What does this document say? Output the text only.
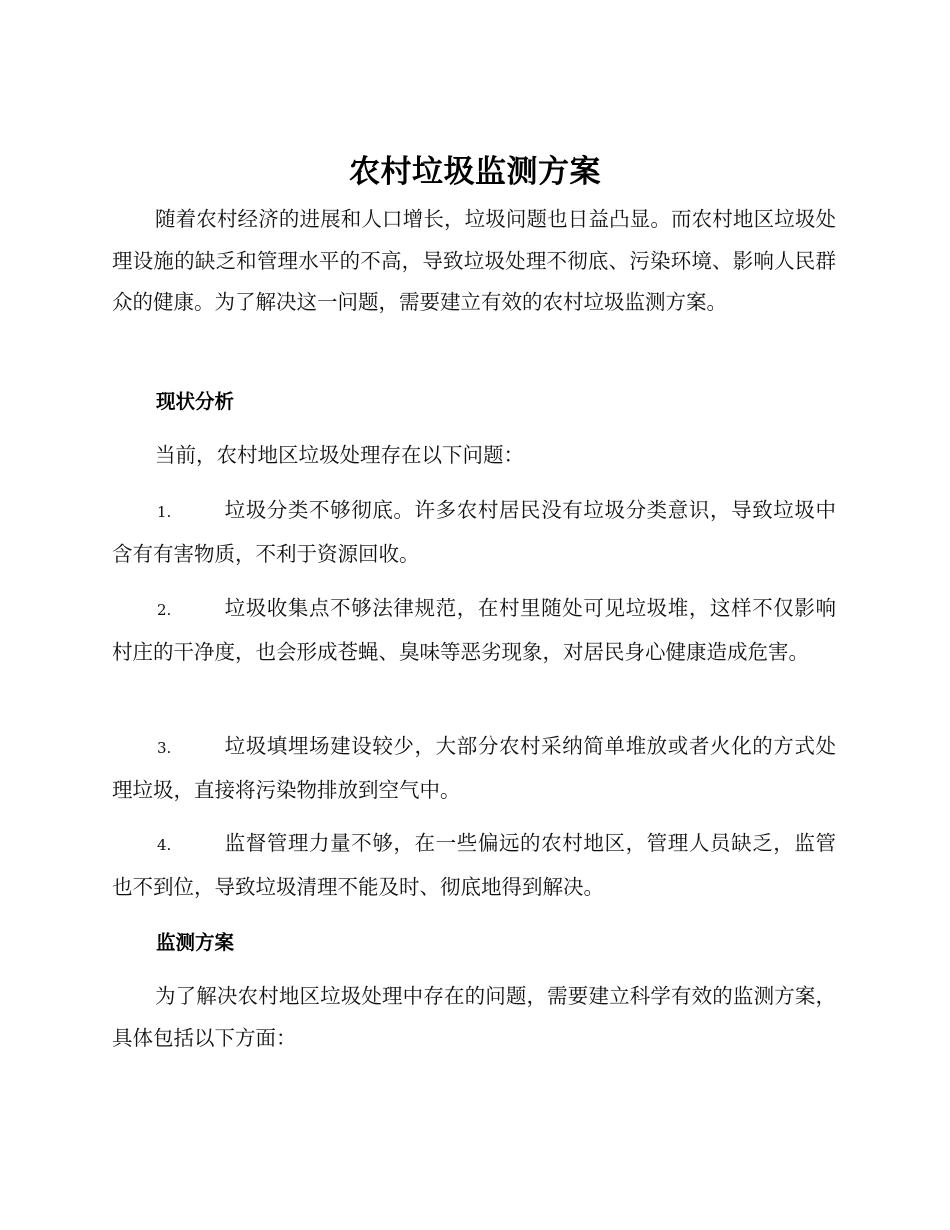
农村垃圾监测方案

随着农村经济的进展和人口增长，垃圾问题也日益凸显。而农村地区垃圾处理设施的缺乏和管理水平的不高，导致垃圾处理不彻底、污染环境、影响人民群众的健康。为了解决这一问题，需要建立有效的农村垃圾监测方案。

现状分析

当前，农村地区垃圾处理存在以下问题：

1.	垃圾分类不够彻底。许多农村居民没有垃圾分类意识，导致垃圾中含有有害物质，不利于资源回收。

2.	垃圾收集点不够法律规范，在村里随处可见垃圾堆，这样不仅影响村庄的干净度，也会形成苍蝇、臭味等恶劣现象，对居民身心健康造成危害。

3.	垃圾填埋场建设较少，大部分农村采纳简单堆放或者火化的方式处理垃圾，直接将污染物排放到空气中。

4.	监督管理力量不够，在一些偏远的农村地区，管理人员缺乏，监管也不到位，导致垃圾清理不能及时、彻底地得到解决。

监测方案

为了解决农村地区垃圾处理中存在的问题，需要建立科学有效的监测方案，具体包括以下方面：
